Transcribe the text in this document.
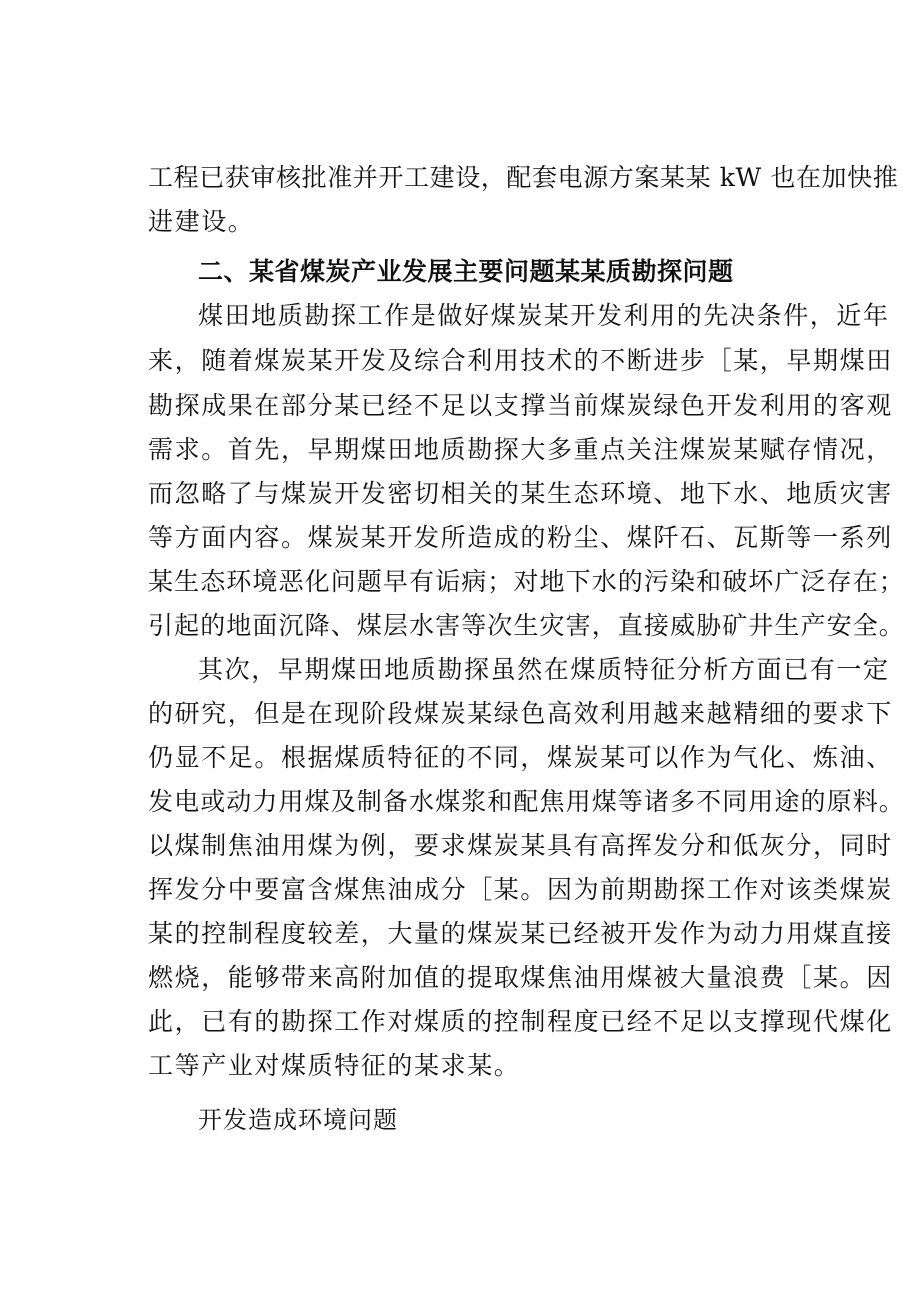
工程已获审核批准并开工建设，配套电源方案某某 kW 也在加快推
进建设。
二、某省煤炭产业发展主要问题某某质勘探问题
煤田地质勘探工作是做好煤炭某开发利用的先决条件，近年
来，随着煤炭某开发及综合利用技术的不断进步［某，早期煤田
勘探成果在部分某已经不足以支撑当前煤炭绿色开发利用的客观
需求。首先，早期煤田地质勘探大多重点关注煤炭某赋存情况，
而忽略了与煤炭开发密切相关的某生态环境、地下水、地质灾害
等方面内容。煤炭某开发所造成的粉尘、煤阡石、瓦斯等一系列
某生态环境恶化问题早有诟病；对地下水的污染和破坏广泛存在；
引起的地面沉降、煤层水害等次生灾害，直接威胁矿井生产安全。
其次，早期煤田地质勘探虽然在煤质特征分析方面已有一定
的研究，但是在现阶段煤炭某绿色高效利用越来越精细的要求下
仍显不足。根据煤质特征的不同，煤炭某可以作为气化、炼油、
发电或动力用煤及制备水煤浆和配焦用煤等诸多不同用途的原料。
以煤制焦油用煤为例，要求煤炭某具有高挥发分和低灰分，同时
挥发分中要富含煤焦油成分［某。因为前期勘探工作对该类煤炭
某的控制程度较差，大量的煤炭某已经被开发作为动力用煤直接
燃烧，能够带来高附加值的提取煤焦油用煤被大量浪费［某。因
此，已有的勘探工作对煤质的控制程度已经不足以支撑现代煤化
工等产业对煤质特征的某求某。
开发造成环境问题
